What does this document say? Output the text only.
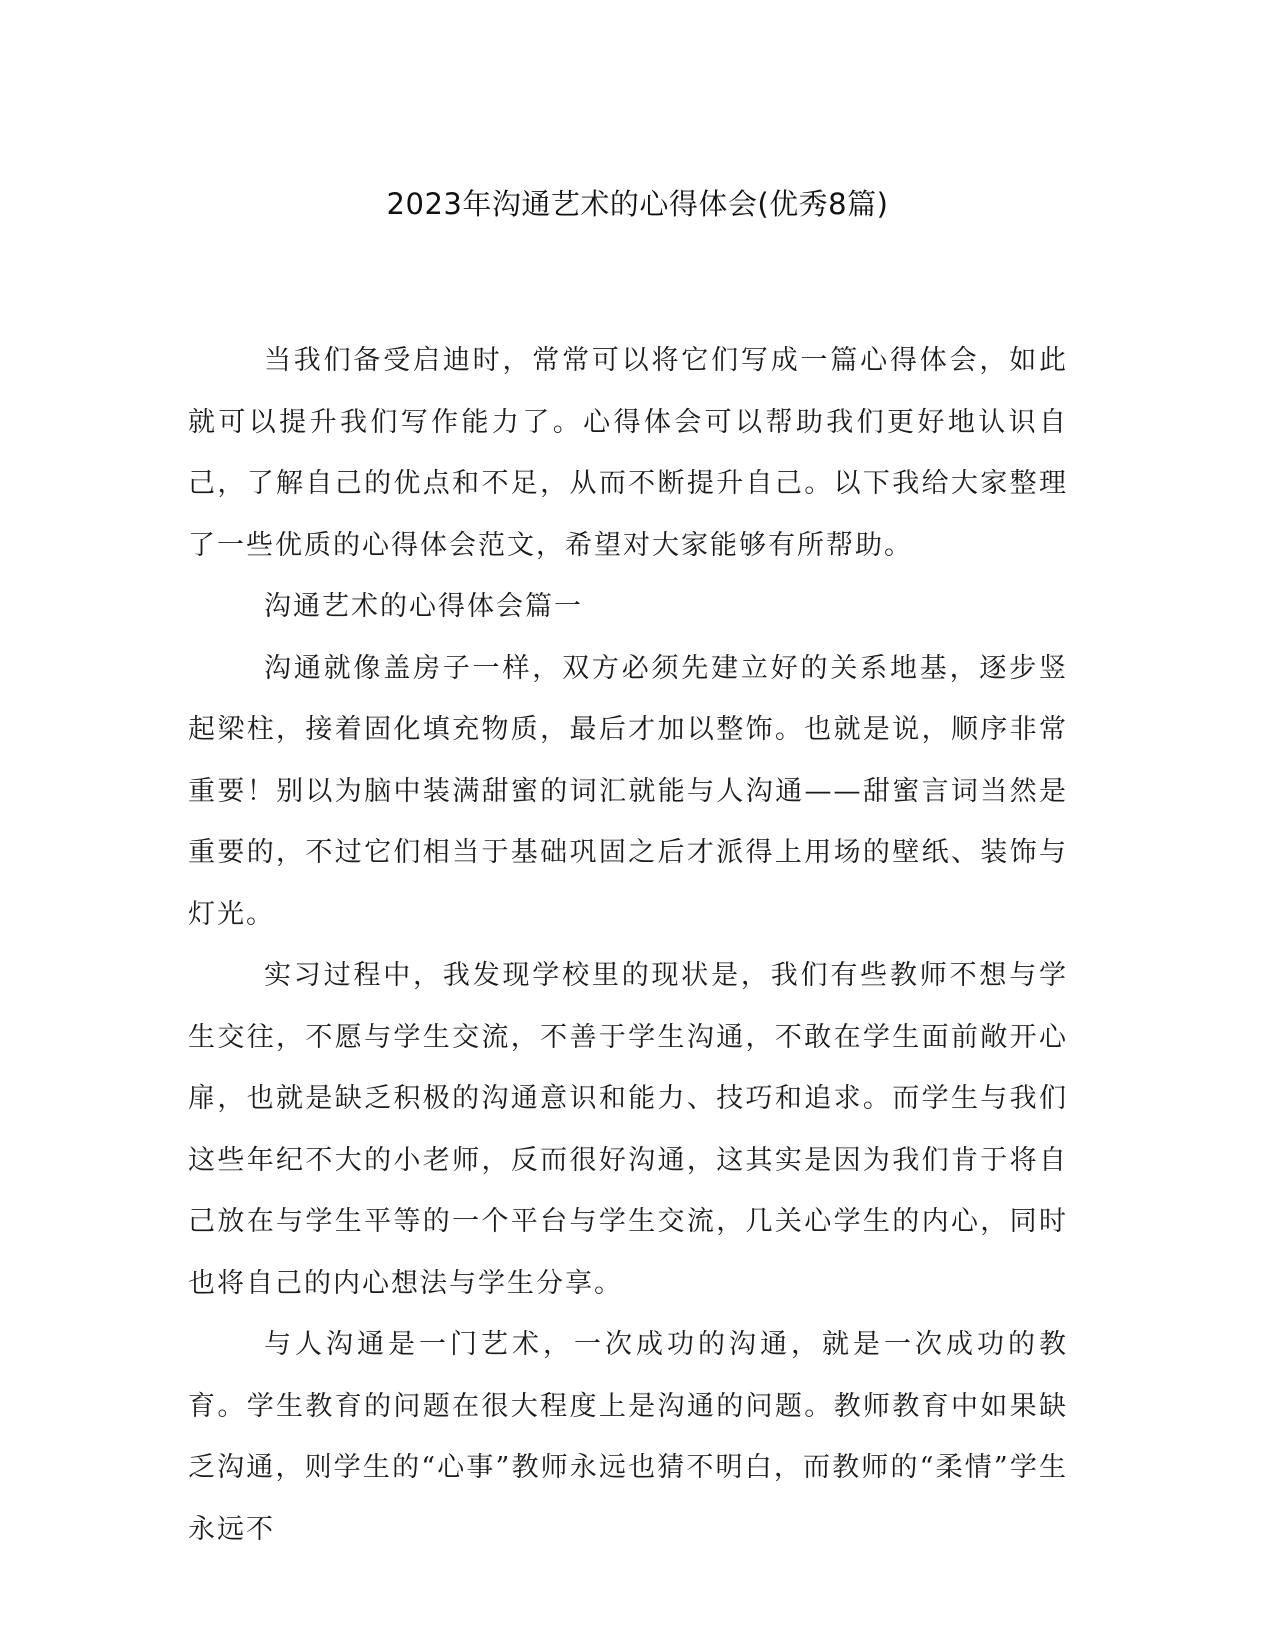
2023年沟通艺术的心得体会(优秀8篇)

当我们备受启迪时，常常可以将它们写成一篇心得体会，如此就可以提升我们写作能力了。心得体会可以帮助我们更好地认识自己，了解自己的优点和不足，从而不断提升自己。以下我给大家整理了一些优质的心得体会范文，希望对大家能够有所帮助。

沟通艺术的心得体会篇一

沟通就像盖房子一样，双方必须先建立好的关系地基，逐步竖起梁柱，接着固化填充物质，最后才加以整饰。也就是说，顺序非常重要！别以为脑中装满甜蜜的词汇就能与人沟通——甜蜜言词当然是重要的，不过它们相当于基础巩固之后才派得上用场的壁纸、装饰与灯光。

实习过程中，我发现学校里的现状是，我们有些教师不想与学生交往，不愿与学生交流，不善于学生沟通，不敢在学生面前敞开心扉，也就是缺乏积极的沟通意识和能力、技巧和追求。而学生与我们这些年纪不大的小老师，反而很好沟通，这其实是因为我们肯于将自己放在与学生平等的一个平台与学生交流，几关心学生的内心，同时也将自己的内心想法与学生分享。

与人沟通是一门艺术，一次成功的沟通，就是一次成功的教育。学生教育的问题在很大程度上是沟通的问题。教师教育中如果缺乏沟通，则学生的“心事”教师永远也猜不明白，而教师的“柔情”学生永远不
